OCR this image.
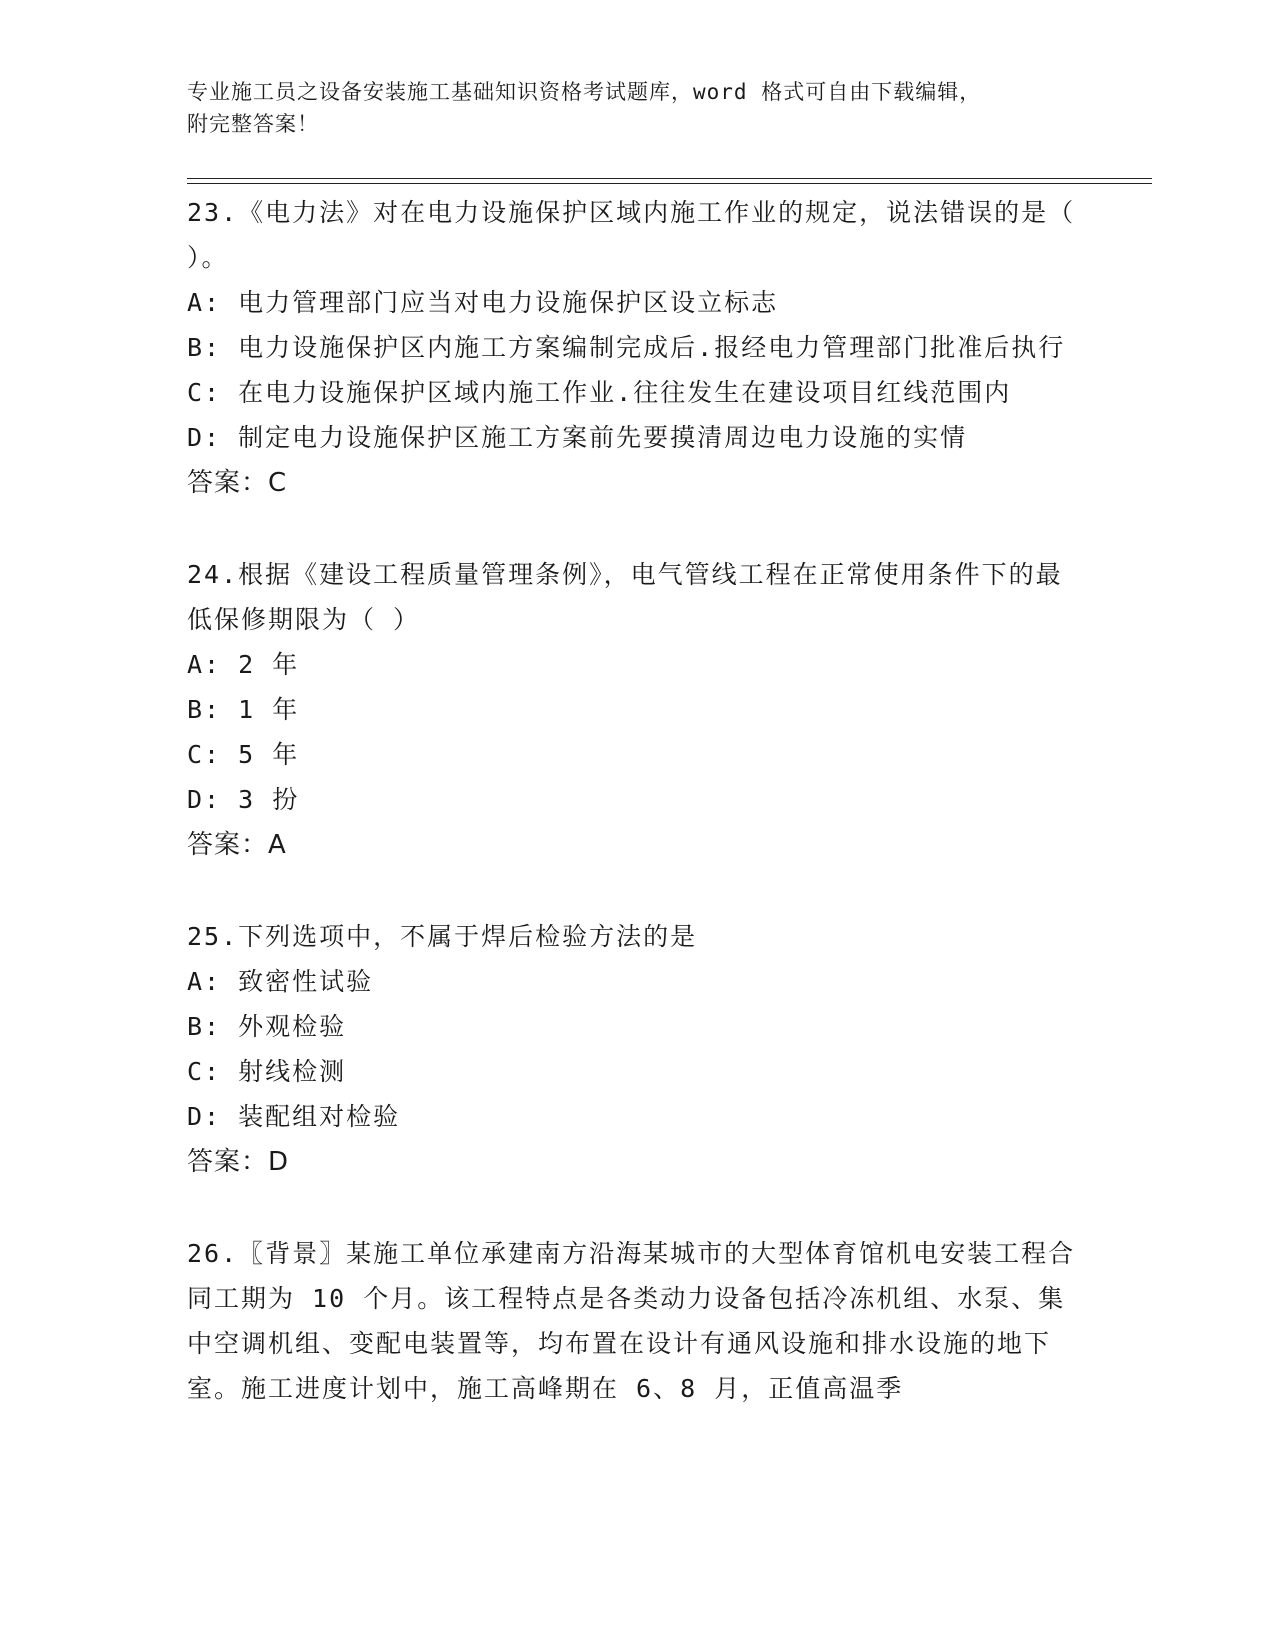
专业施工员之设备安装施工基础知识资格考试题库，word 格式可自由下载编辑，
附完整答案！

23.《电力法》对在电力设施保护区域内施工作业的规定，说法错误的是（ ）。

A: 电力管理部门应当对电力设施保护区设立标志

B: 电力设施保护区内施工方案编制完成后.报经电力管理部门批准后执行

C: 在电力设施保护区域内施工作业.往往发生在建设项目红线范围内

D: 制定电力设施保护区施工方案前先要摸清周边电力设施的实情

答案：C

24.根据《建设工程质量管理条例》，电气管线工程在正常使用条件下的最低保修期限为（ ）

A: 2 年

B: 1 年

C: 5 年

D: 3 扮

答案：A

25.下列选项中，不属于焊后检验方法的是

A: 致密性试验

B: 外观检验

C: 射线检测

D: 装配组对检验

答案：D

26.〖背景〗某施工单位承建南方沿海某城市的大型体育馆机电安装工程合同工期为 10 个月。该工程特点是各类动力设备包括冷冻机组、水泵、集中空调机组、变配电装置等，均布置在设计有通风设施和排水设施的地下室。施工进度计划中，施工高峰期在 6、8 月，正值高温季
